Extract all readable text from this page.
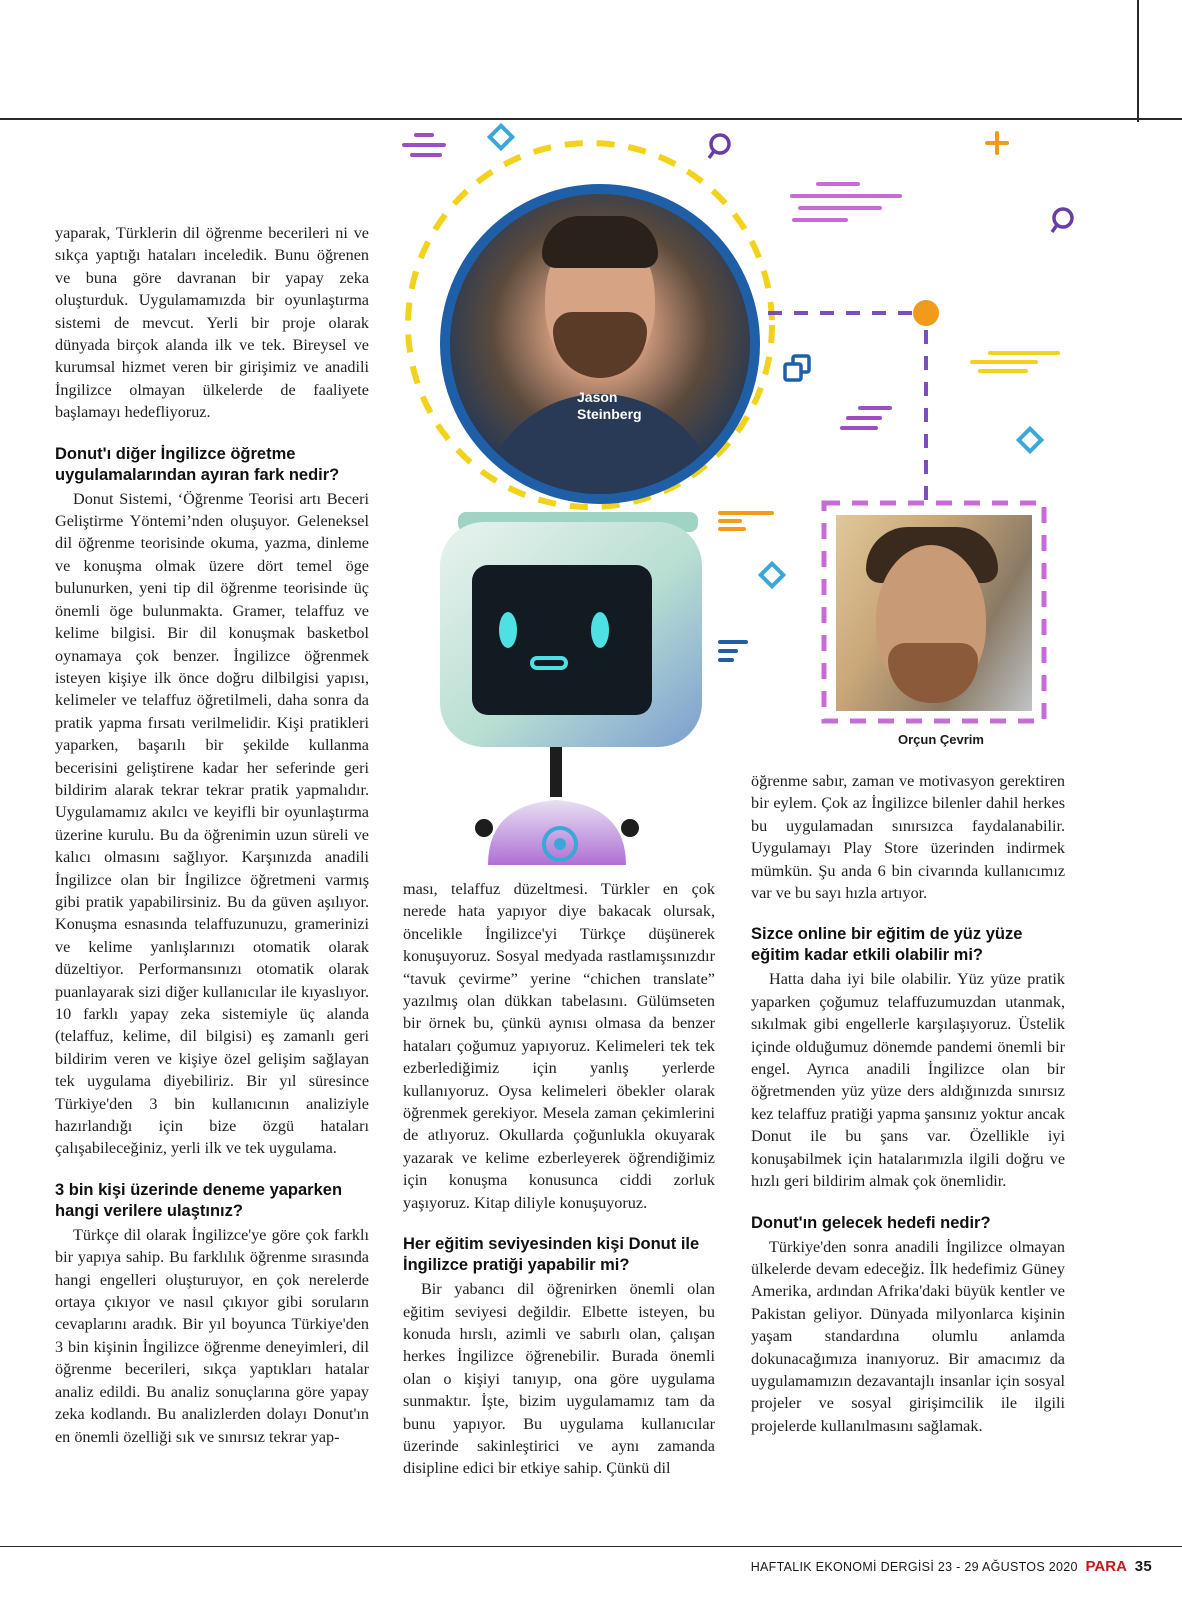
Jason
Steinberg
Orçun Çevrim

yaparak, Türklerin dil öğrenme becerileri ni ve sıkça yaptığı hataları inceledik. Bunu öğrenen ve buna göre davranan bir yapay zeka oluşturduk. Uygulamamızda bir oyunlaştırma sistemi de mevcut. Yerli bir proje olarak dünyada birçok alanda ilk ve tek. Bireysel ve kurumsal hizmet veren bir girişimiz ve anadili İngilizce olmayan ülkelerde de faaliyete başlamayı hedefliyoruz.

Donut'ı diğer İngilizce öğretme uygulamalarından ayıran fark nedir?

Donut Sistemi, ‘Öğrenme Teorisi artı Beceri Geliştirme Yöntemi’nden oluşuyor. Geleneksel dil öğrenme teorisinde okuma, yazma, dinleme ve konuşma olmak üzere dört temel öge bulunurken, yeni tip dil öğrenme teorisinde üç önemli öge bulunmakta. Gramer, telaffuz ve kelime bilgisi. Bir dil konuşmak basketbol oynamaya çok benzer. İngilizce öğrenmek isteyen kişiye ilk önce doğru dilbilgisi yapısı, kelimeler ve telaffuz öğretilmeli, daha sonra da pratik yapma fırsatı verilmelidir. Kişi pratikleri yaparken, başarılı bir şekilde kullanma becerisini geliştirene kadar her seferinde geri bildirim alarak tekrar tekrar pratik yapmalıdır. Uygulamamız akılcı ve keyifli bir oyunlaştırma üzerine kurulu. Bu da öğrenimin uzun süreli ve kalıcı olmasını sağlıyor. Karşınızda anadili İngilizce olan bir İngilizce öğretmeni varmış gibi pratik yapabilirsiniz. Bu da güven aşılıyor. Konuşma esnasında telaffuzunuzu, gramerinizi ve kelime yanlışlarınızı otomatik olarak düzeltiyor. Performansınızı otomatik olarak puanlayarak sizi diğer kullanıcılar ile kıyaslıyor. 10 farklı yapay zeka sistemiyle üç alanda (telaffuz, kelime, dil bilgisi) eş zamanlı geri bildirim veren ve kişiye özel gelişim sağlayan tek uygulama diyebiliriz. Bir yıl süresince Türkiye'den 3 bin kullanıcının analiziyle hazırlandığı için bize özgü hataları çalışabileceğiniz, yerli ilk ve tek uygulama.

3 bin kişi üzerinde deneme yaparken hangi verilere ulaştınız?

Türkçe dil olarak İngilizce'ye göre çok farklı bir yapıya sahip. Bu farklılık öğrenme sırasında hangi engelleri oluşturuyor, en çok nerelerde ortaya çıkıyor ve nasıl çıkıyor gibi soruların cevaplarını aradık. Bir yıl boyunca Türkiye'den 3 bin kişinin İngilizce öğrenme deneyimleri, dil öğrenme becerileri, sıkça yaptıkları hatalar analiz edildi. Bu analiz sonuçlarına göre yapay zeka kodlandı. Bu analizlerden dolayı Donut'ın en önemli özelliği sık ve sınırsız tekrar yap-

ması, telaffuz düzeltmesi. Türkler en çok nerede hata yapıyor diye bakacak olursak, öncelikle İngilizce'yi Türkçe düşünerek konuşuyoruz. Sosyal medyada rastlamışsınızdır “tavuk çevirme” yerine “chichen translate” yazılmış olan dükkan tabelasını. Gülümseten bir örnek bu, çünkü aynısı olmasa da benzer hataları çoğumuz yapıyoruz. Kelimeleri tek tek ezberlediğimiz için yanlış yerlerde kullanıyoruz. Oysa kelimeleri öbekler olarak öğrenmek gerekiyor. Mesela zaman çekimlerini de atlıyoruz. Okullarda çoğunlukla okuyarak yazarak ve kelime ezberleyerek öğrendiğimiz için konuşma konusunca ciddi zorluk yaşıyoruz. Kitap diliyle konuşuyoruz.

Her eğitim seviyesinden kişi Donut ile İngilizce pratiği yapabilir mi?

Bir yabancı dil öğrenirken önemli olan eğitim seviyesi değildir. Elbette isteyen, bu konuda hırslı, azimli ve sabırlı olan, çalışan herkes İngilizce öğrenebilir. Burada önemli olan o kişiyi tanıyıp, ona göre uygulama sunmaktır. İşte, bizim uygulamamız tam da bunu yapıyor. Bu uygulama kullanıcılar üzerinde sakinleştirici ve aynı zamanda disipline edici bir etkiye sahip. Çünkü dil

öğrenme sabır, zaman ve motivasyon gerektiren bir eylem. Çok az İngilizce bilenler dahil herkes bu uygulamadan sınırsızca faydalanabilir. Uygulamayı Play Store üzerinden indirmek mümkün. Şu anda 6 bin civarında kullanıcımız var ve bu sayı hızla artıyor.

Sizce online bir eğitim de yüz yüze eğitim kadar etkili olabilir mi?

Hatta daha iyi bile olabilir. Yüz yüze pratik yaparken çoğumuz telaffuzumuzdan utanmak, sıkılmak gibi engellerle karşılaşıyoruz. Üstelik içinde olduğumuz dönemde pandemi önemli bir engel. Ayrıca anadili İngilizce olan bir öğretmenden yüz yüze ders aldığınızda sınırsız kez telaffuz pratiği yapma şansınız yoktur ancak Donut ile bu şans var. Özellikle iyi konuşabilmek için hatalarımızla ilgili doğru ve hızlı geri bildirim almak çok önemlidir.

Donut'ın gelecek hedefi nedir?

Türkiye'den sonra anadili İngilizce olmayan ülkelerde devam edeceğiz. İlk hedefimiz Güney Amerika, ardından Afrika'daki büyük kentler ve Pakistan geliyor. Dünyada milyonlarca kişinin yaşam standardına olumlu anlamda dokunacağımıza inanıyoruz. Bir amacımız da uygulamamızın dezavantajlı insanlar için sosyal projeler ve sosyal girişimcilik ile ilgili projelerde kullanılmasını sağlamak.

HAFTALIK EKONOMİ DERGİSİ 23 - 29 AĞUSTOS 2020 PARA 35
